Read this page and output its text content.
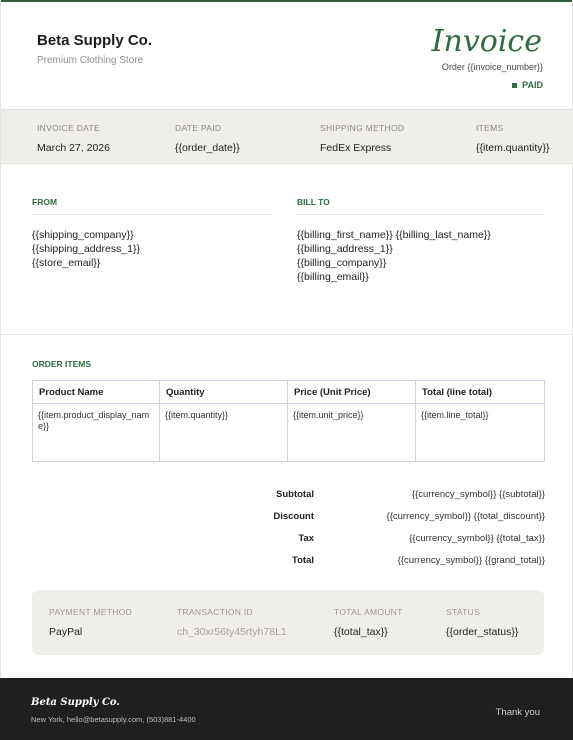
Beta Supply Co.
Premium Clothing Store
Invoice
Order {{invoice_number}}
PAID
INVOICE DATE
March 27, 2026
DATE PAID
{{order_date}}
SHIPPING METHOD
FedEx Express
ITEMS
{{item.quantity}}
FROM
{{shipping_company}}
{{shipping_address_1}}
{{store_email}}
BILL TO
{{billing_first_name}} {{billing_last_name}}
{{billing_address_1}}
{{billing_company}}
{{billing_email}}
ORDER ITEMS
Product Name	Quantity	Price (Unit Price)	Total (line total)
{{item.product_display_name}}	{{item.quantity}}	{{item.unit_price}}	{{item.line_total}}
Subtotal	{{currency_symbol}} {{subtotal}}
Discount	{{currency_symbol}} {{total_discount}}
Tax	{{currency_symbol}} {{total_tax}}
Total	{{currency_symbol}} {{grand_total}}
PAYMENT METHOD
PayPal
TRANSACTION ID
ch_30xr56ty45rtyh78L1
TOTAL AMOUNT
{{total_tax}}
STATUS
{{order_status}}
Beta Supply Co.
New York, hello@betasupply.com, (503)881-4400
Thank you
